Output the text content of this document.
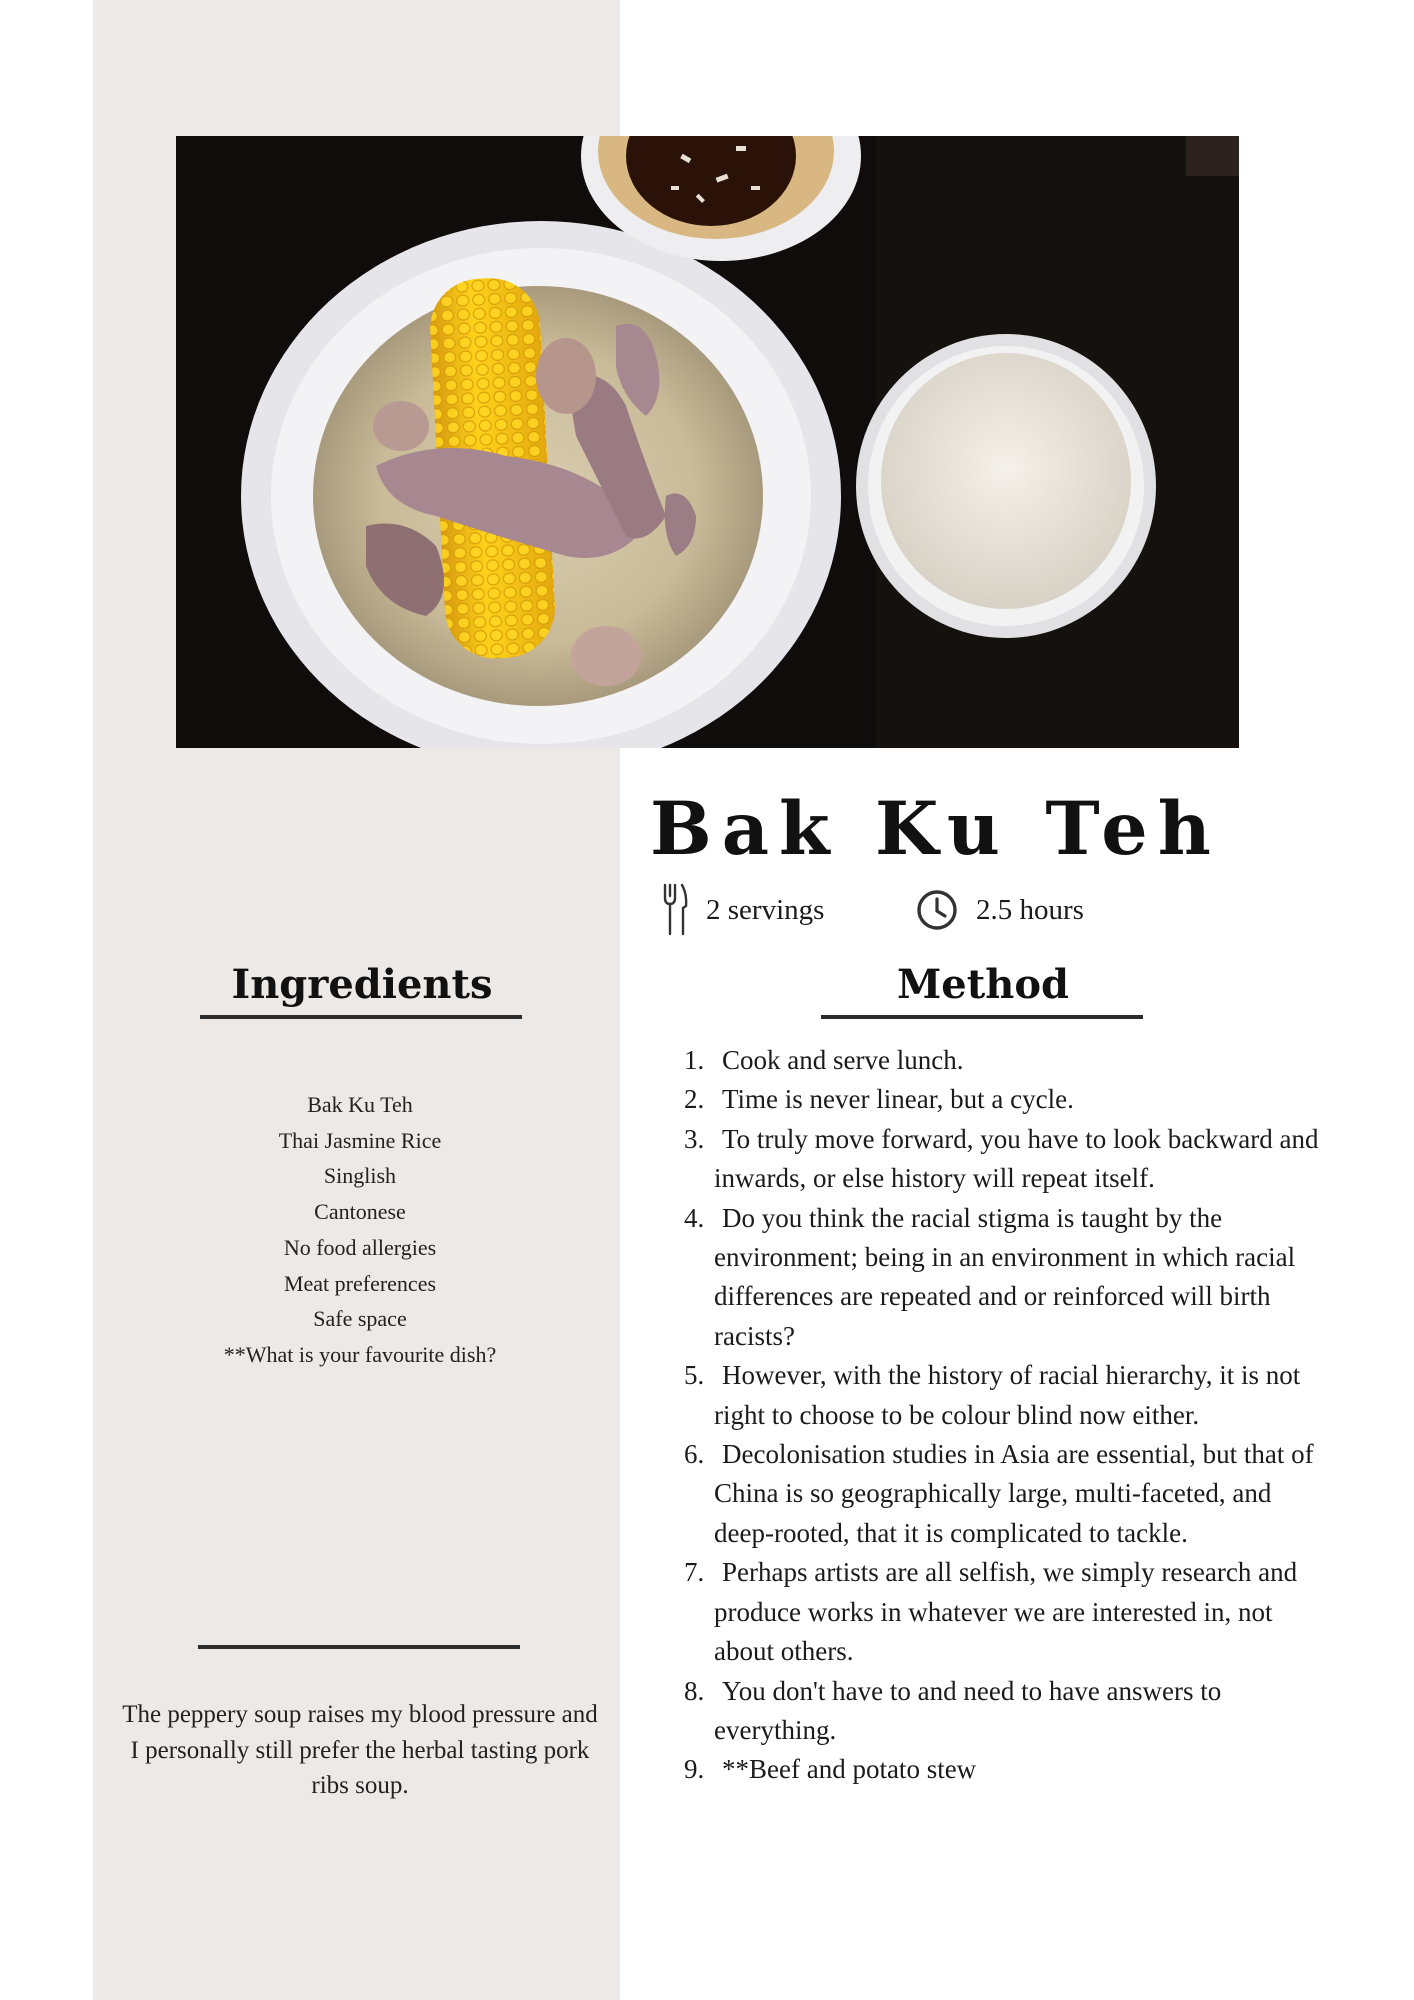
Bak Ku Teh
2 servings	2.5 hours
Ingredients
Bak Ku Teh
Thai Jasmine Rice
Singlish
Cantonese
No food allergies
Meat preferences
Safe space
**What is your favourite dish?

The peppery soup raises my blood pressure and I personally still prefer the herbal tasting pork ribs soup.

Method
1. Cook and serve lunch.
2. Time is never linear, but a cycle.
3. To truly move forward, you have to look backward and inwards, or else history will repeat itself.
4. Do you think the racial stigma is taught by the environment; being in an environment in which racial differences are repeated and or reinforced will birth racists?
5. However, with the history of racial hierarchy, it is not right to choose to be colour blind now either.
6. Decolonisation studies in Asia are essential, but that of China is so geographically large, multi-faceted, and deep-rooted, that it is complicated to tackle.
7. Perhaps artists are all selfish, we simply research and produce works in whatever we are interested in, not about others.
8. You don't have to and need to have answers to everything.
9. **Beef and potato stew
